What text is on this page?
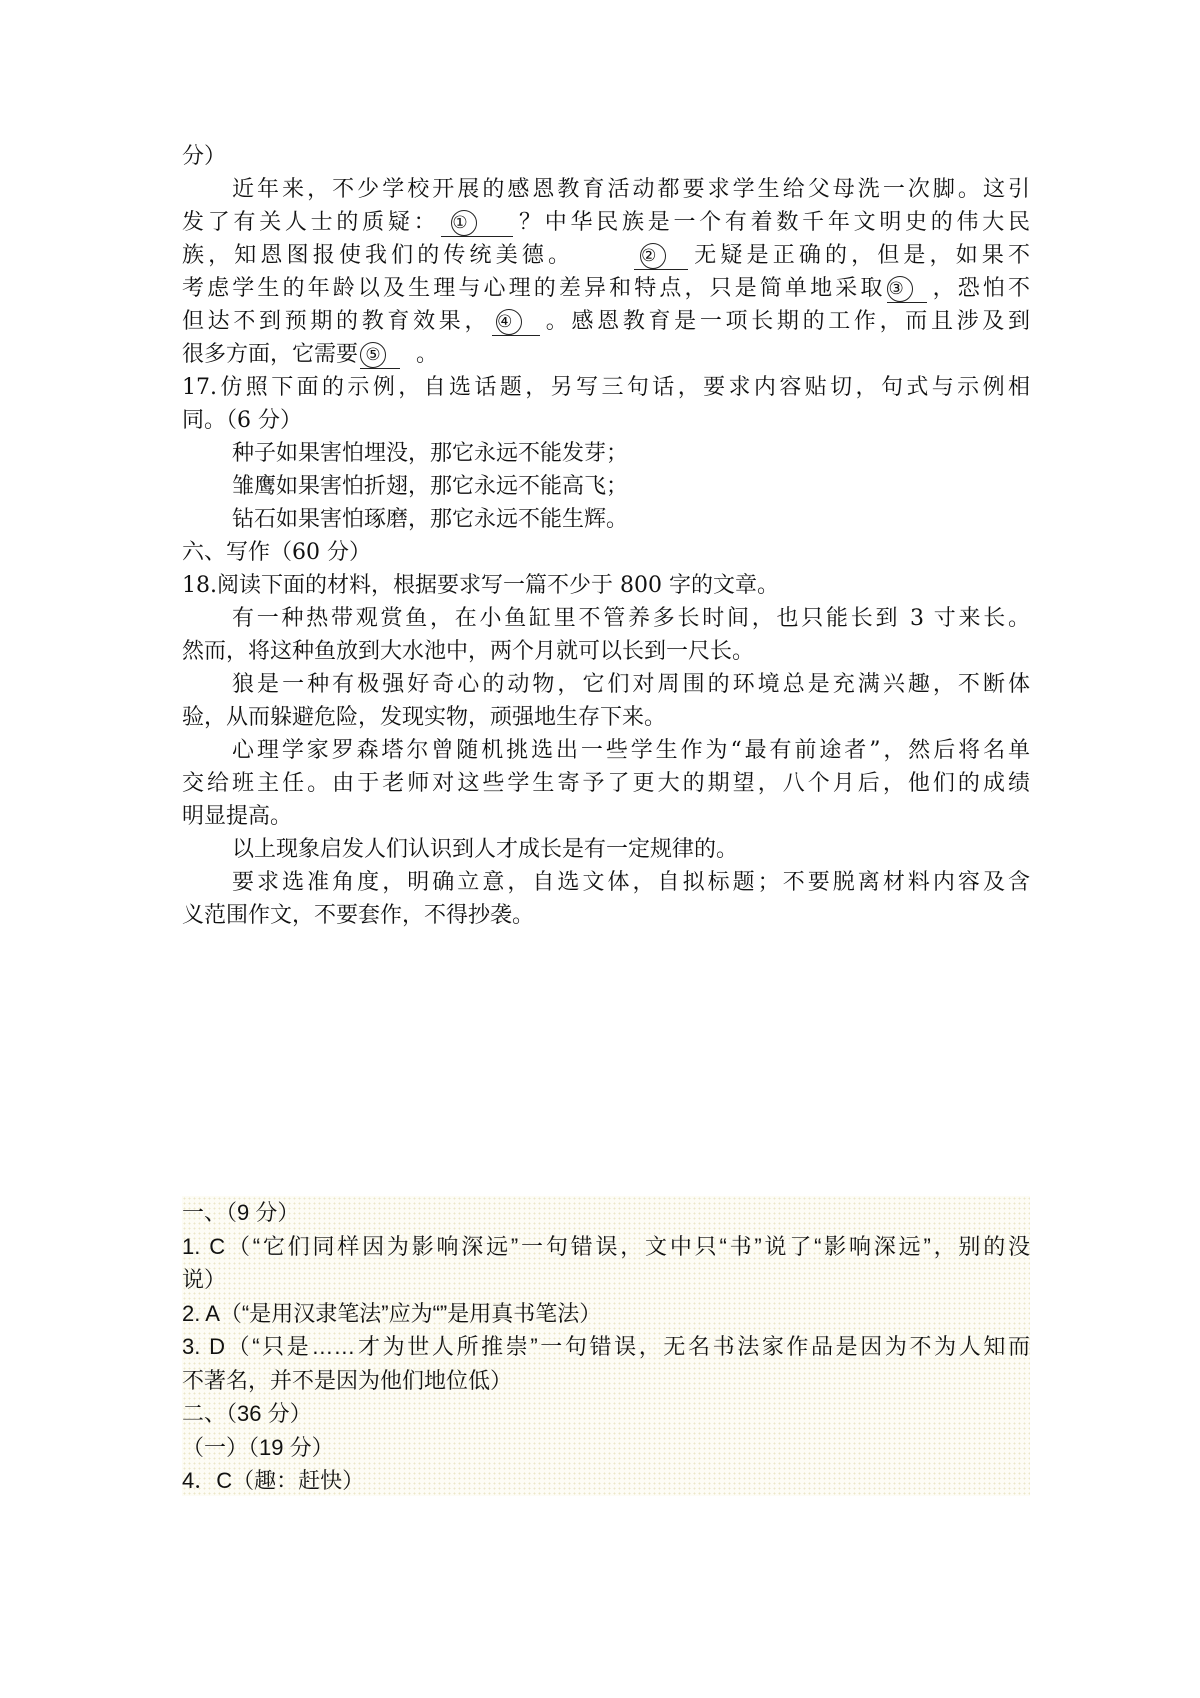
分）
近年来，不少学校开展的感恩教育活动都要求学生给父母洗一次脚。这引
发了有关人士的质疑： ① ？中华民族是一个有着数千年文明史的伟大民
族，知恩图报使我们的传统美德。	② 无疑是正确的，但是，如果不
考虑学生的年龄以及生理与心理的差异和特点，只是简单地采取 ③ ，恐怕不
但达不到预期的教育效果， ④ 。感恩教育是一项长期的工作，而且涉及到
很多方面，它需要 ⑤ 。
17.仿照下面的示例，自选话题，另写三句话，要求内容贴切，句式与示例相
同。（6 分）
种子如果害怕埋没，那它永远不能发芽；
雏鹰如果害怕折翅，那它永远不能高飞；
钻石如果害怕琢磨，那它永远不能生辉。
六、写作（60 分）
18.阅读下面的材料，根据要求写一篇不少于 800 字的文章。
有一种热带观赏鱼，在小鱼缸里不管养多长时间，也只能长到 3 寸来长。
然而，将这种鱼放到大水池中，两个月就可以长到一尺长。
狼是一种有极强好奇心的动物，它们对周围的环境总是充满兴趣，不断体
验，从而躲避危险，发现实物，顽强地生存下来。
心理学家罗森塔尔曾随机挑选出一些学生作为“最有前途者”，然后将名单
交给班主任。由于老师对这些学生寄予了更大的期望，八个月后，他们的成绩
明显提高。
以上现象启发人们认识到人才成长是有一定规律的。
要求选准角度，明确立意，自选文体，自拟标题；不要脱离材料内容及含
义范围作文，不要套作，不得抄袭。
一、（9 分）
1. C（“它们同样因为影响深远”一句错误，文中只“书”说了“影响深远”，别的没
说）
2. A（“是用汉隶笔法”应为“”是用真书笔法）
3. D（“只是……才为世人所推崇”一句错误，无名书法家作品是因为不为人知而
不著名，并不是因为他们地位低）
二、（36 分）
（一）（19 分）
4．C（趣：赶快）
